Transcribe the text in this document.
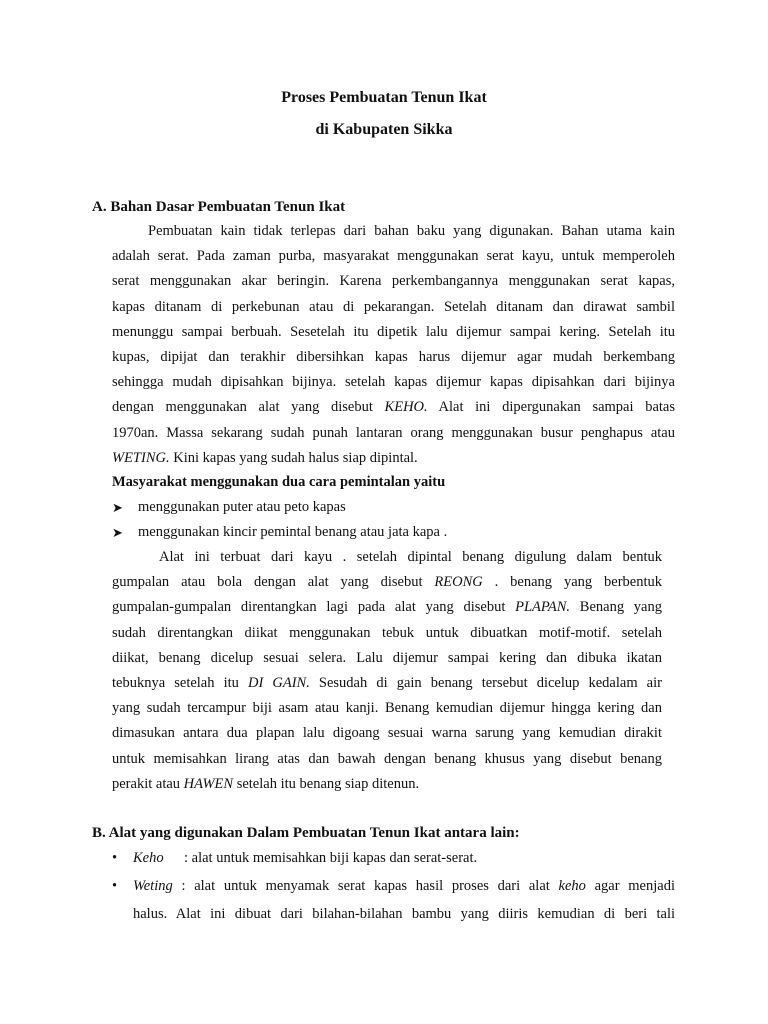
Proses Pembuatan Tenun Ikat

di Kabupaten Sikka

A. Bahan Dasar Pembuatan Tenun Ikat

Pembuatan kain tidak terlepas dari bahan baku yang digunakan. Bahan utama kain
adalah serat. Pada zaman purba, masyarakat menggunakan serat kayu, untuk memperoleh
serat menggunakan akar beringin. Karena perkembangannya menggunakan serat kapas,
kapas ditanam di perkebunan atau di pekarangan. Setelah ditanam dan dirawat sambil
menunggu sampai berbuah. Sesetelah itu dipetik lalu dijemur sampai kering. Setelah itu
kupas, dipijat dan terakhir dibersihkan kapas harus dijemur agar mudah berkembang
sehingga mudah dipisahkan bijinya. setelah kapas dijemur kapas dipisahkan dari bijinya
dengan menggunakan alat yang disebut KEHO. Alat ini dipergunakan sampai batas
1970an. Massa sekarang sudah punah lantaran orang menggunakan busur penghapus atau
WETING. Kini kapas yang sudah halus siap dipintal.

Masyarakat menggunakan dua cara pemintalan yaitu

➤ menggunakan puter atau peto kapas
➤ menggunakan kincir pemintal benang atau jata kapa .
Alat ini terbuat dari kayu . setelah dipintal benang digulung dalam bentuk
gumpalan atau bola dengan alat yang disebut REONG . benang yang berbentuk
gumpalan-gumpalan direntangkan lagi pada alat yang disebut PLAPAN. Benang yang
sudah direntangkan diikat menggunakan tebuk untuk dibuatkan motif-motif. setelah
diikat, benang dicelup sesuai selera. Lalu dijemur sampai kering dan dibuka ikatan
tebuknya setelah itu DI GAIN. Sesudah di gain benang tersebut dicelup kedalam air
yang sudah tercampur biji asam atau kanji. Benang kemudian dijemur hingga kering dan
dimasukan antara dua plapan lalu digoang sesuai warna sarung yang kemudian dirakit
untuk memisahkan lirang atas dan bawah dengan benang khusus yang disebut benang
perakit atau HAWEN setelah itu benang siap ditenun.

B. Alat yang digunakan Dalam Pembuatan Tenun Ikat antara lain:

• Keho : alat untuk memisahkan biji kapas dan serat-serat.
• Weting : alat untuk menyamak serat kapas hasil proses dari alat keho agar menjadi
halus. Alat ini dibuat dari bilahan-bilahan bambu yang diiris kemudian di beri tali
